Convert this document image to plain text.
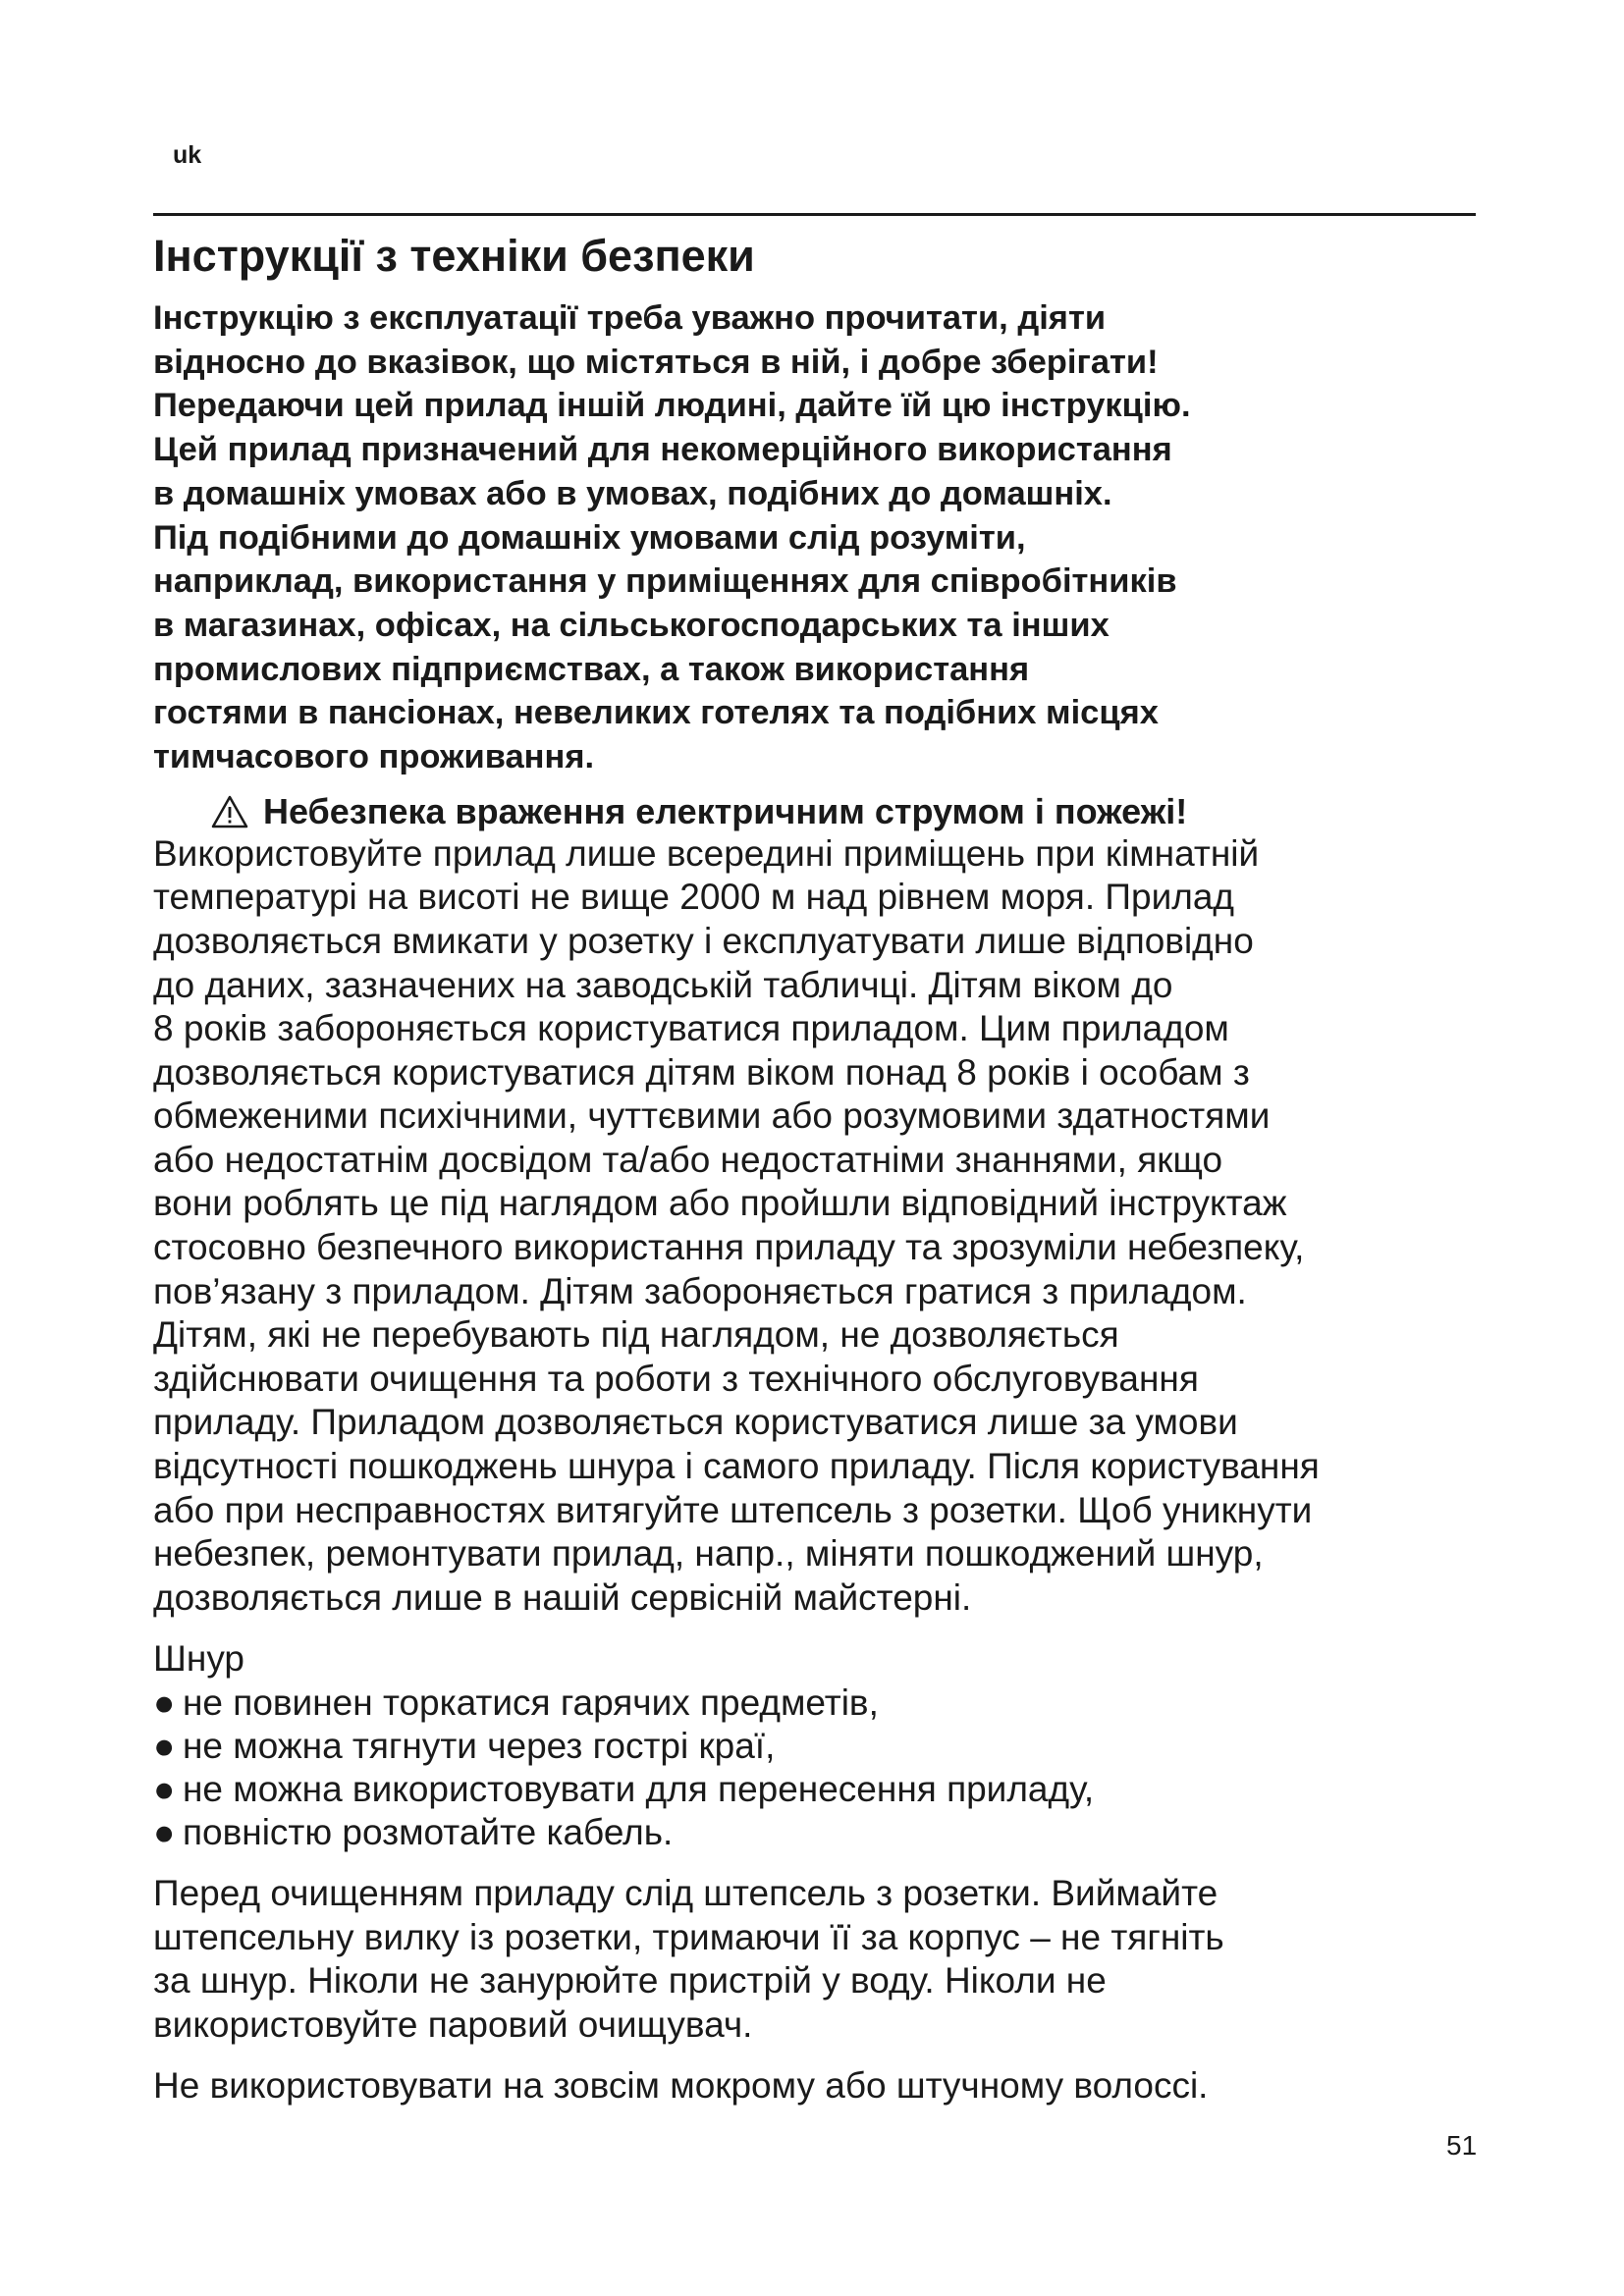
uk
Інструкції з техніки безпеки
Інструкцію з експлуатації треба уважно прочитати, діяти
відносно до вказівок, що містяться в ній, і добре зберігати!
Передаючи цей прилад іншій людині, дайте їй цю інструкцію.
Цей прилад призначений для некомерційного використання
в домашніх умовах або в умовах, подібних до домашніх.
Під подібними до домашніх умовами слід розуміти,
наприклад, використання у приміщеннях для співробітників
в магазинах, офісах, на сільськогосподарських та інших
промислових підприємствах, а також використання
гостями в пансіонах, невеликих готелях та подібних місцях
тимчасового проживання.
Небезпека враження електричним струмом і пожежі!
Використовуйте прилад лише всередині приміщень при кімнатній
температурі на висоті не вище 2000 м над рівнем моря. Прилад
дозволяється вмикати у розетку і експлуатувати лише відповідно
до даних, зазначених на заводській табличці. Дітям віком до
8 років забороняється користуватися приладом. Цим приладом
дозволяється користуватися дітям віком понад 8 років і особам з
обмеженими психічними, чуттєвими або розумовими здатностями
або недостатнім досвідом та/або недостатніми знаннями, якщо
вони роблять це під наглядом або пройшли відповідний інструктаж
стосовно безпечного використання приладу та зрозуміли небезпеку,
пов’язану з приладом. Дітям забороняється гратися з приладом.
Дітям, які не перебувають під наглядом, не дозволяється
здійснювати очищення та роботи з технічного обслуговування
приладу. Приладом дозволяється користуватися лише за умови
відсутності пошкоджень шнура і самого приладу. Після користування
або при несправностях витягуйте штепсель з розетки. Щоб уникнути
небезпек, ремонтувати прилад, напр., міняти пошкоджений шнур,
дозволяється лише в нашій сервісній майстерні.
Шнур
● не повинен торкатися гарячих предметів,
● не можна тягнути через гострі краї,
● не можна використовувати для перенесення приладу,
● повністю розмотайте кабель.
Перед очищенням приладу слід штепсель з розетки. Виймайте
штепсельну вилку із розетки, тримаючи її за корпус – не тягніть
за шнур. Ніколи не занурюйте пристрій у воду. Ніколи не
використовуйте паровий очищувач.
Не використовувати на зовсім мокрому або штучному волоссі.
51
